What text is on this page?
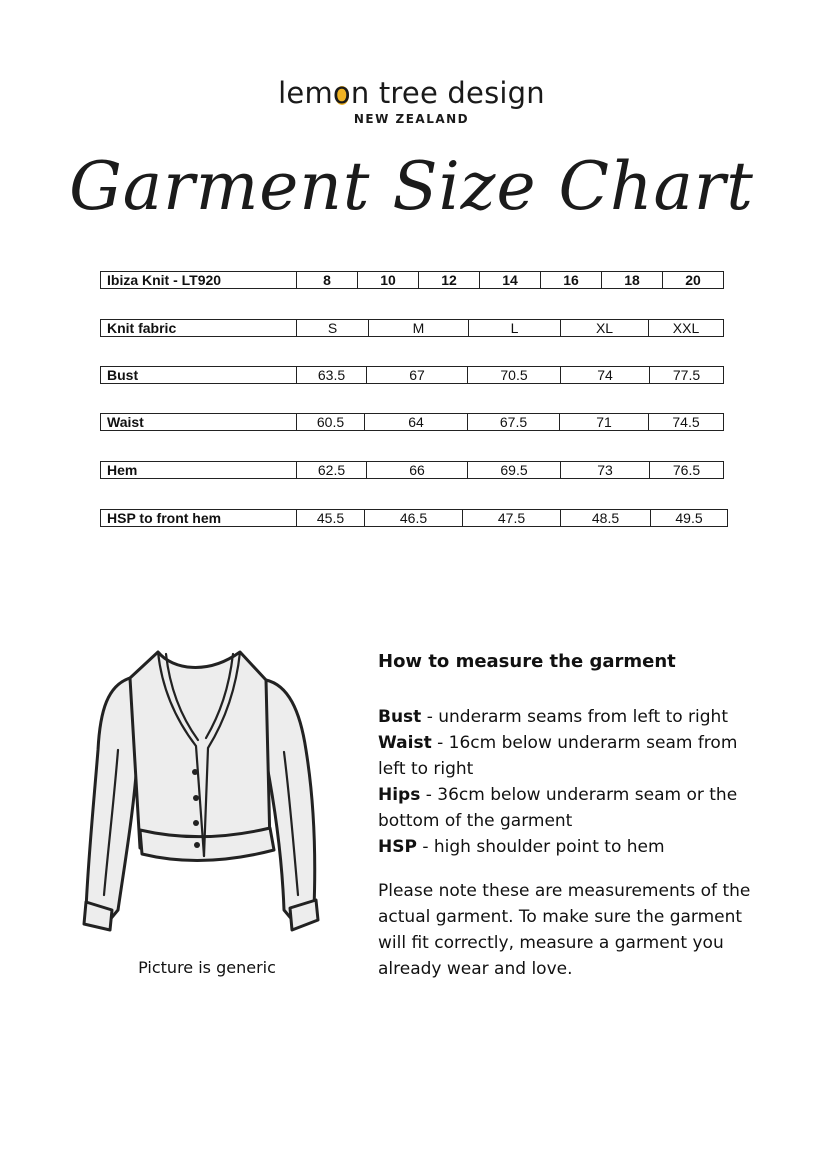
lemon tree design
NEW ZEALAND
Garment Size Chart
Ibiza Knit - LT920	8	10	12	14	16	18	20
Knit fabric	S	M	L	XL	XXL
Bust	63.5	67	70.5	74	77.5
Waist	60.5	64	67.5	71	74.5
Hem	62.5	66	69.5	73	76.5
HSP to front hem	45.5	46.5	47.5	48.5	49.5
Picture is generic
How to measure the garment

Bust - underarm seams from left to right

Waist - 16cm below underarm seam from left to right

Hips - 36cm below underarm seam or the bottom of the garment

HSP - high shoulder point to hem

Please note these are measurements of the actual garment. To make sure the garment will fit correctly, measure a garment you already wear and love.
